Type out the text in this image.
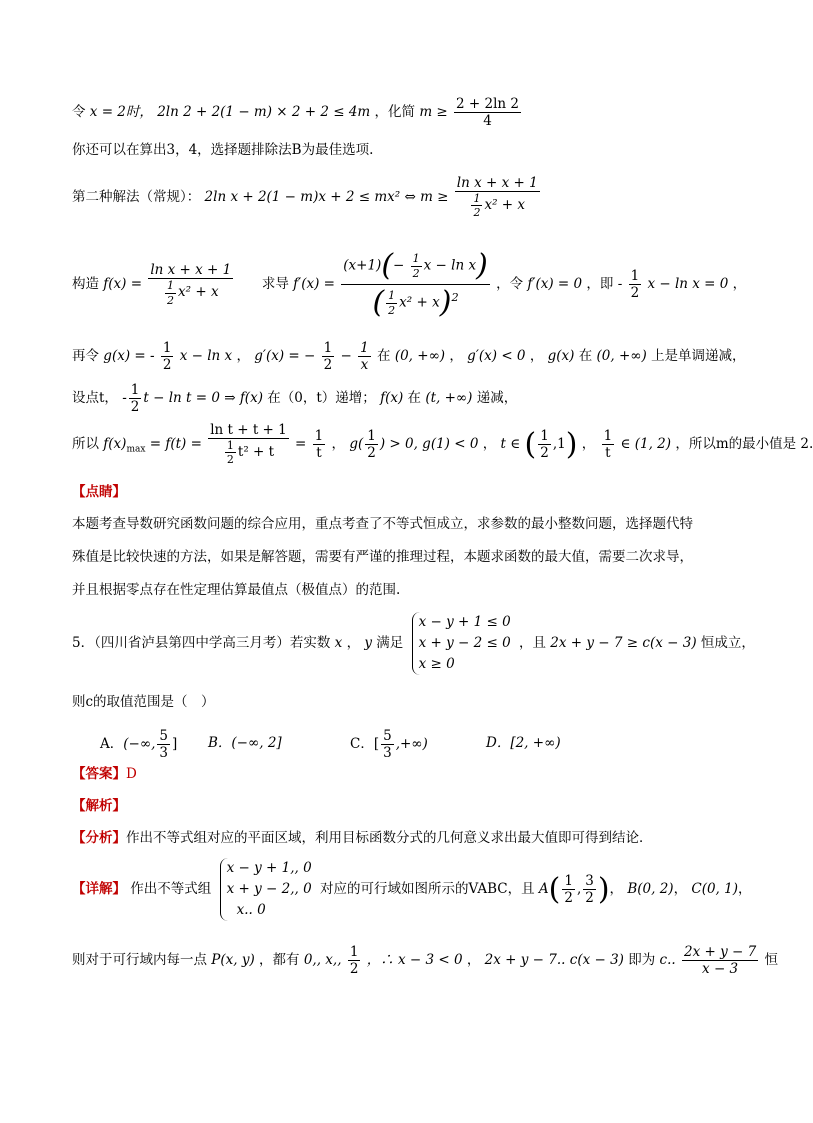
令 x = 2时， 2ln 2 + 2(1 − m) × 2 + 2 ≤ 4m ，化简 $m \ge \frac{2 + 2\ln 2}{4}$
你还可以在算出3，4，选择题排除法B为最佳选项.
第二种解法（常规）： 2ln x + 2(1 − m)x + 2 ≤ mx² ⇔ $m \ge \frac{\text{ln x + x + 1}}{\frac{1}{2} x^2 + x}$
构造 $f(x) = \frac{\text{ln x + x + 1}}{\frac{1}{2} x^2 + x}$ 求导 $f'(x) = \frac{(x+1)(- \frac{1}{2} x - \ln x)}{( \frac{1}{2} x^2 + x)^2}$ ，令 f′(x) = 0 ，即 - $\frac{1}{2}$ x − ln x = 0 ，
再令 g(x) = - $\frac{1}{2}$ x − ln x ， g′(x) = − $\frac{1}{2} - \frac{1}{x}$ 在 (0, +∞) ， g′(x) < 0 ， g(x) 在 (0, +∞) 上是单调递减，
设点t， - $\frac{1}{2}$ t − ln t = 0 ⇒ f(x) 在（0，t）递增； f(x) 在 (t, +∞) 递减，
所以 $f(x)_{max} = f(t) = \frac{\text{ln t + t + 1}}{\frac{1}{2} t^2 + t} = \frac{1}{t}$ ， $g( \frac{1}{2}$ ) > 0, g(1) < 0 ， t ∈ ( $\frac{1}{2} ,1$) ， $\frac{1}{t}$ ∈ (1, 2) ，所以m的最小值是 2.
【点睛】
本题考查导数研究函数问题的综合应用，重点考查了不等式恒成立，求参数的最小整数问题，选择题代特
殊值是比较快速的方法，如果是解答题，需要有严谨的推理过程，本题求函数的最大值，需要二次求导，
并且根据零点存在性定理估算最值点（极值点）的范围.
5．（四川省泸县第四中学高三月考）若实数 x ， y 满足
x − y + 1 ≤ 0
x + y − 2 ≤ 0
x ≥ 0
，且 2x + y − 7 ≥ c(x − 3) 恒成立，
则c的取值范围是（　）
A．(−∞, $\frac{5}{3}$ ] B．(−∞, 2]	C．[ $\frac{5}{3}$ ,+∞)	D．[2, +∞)
【答案】D
【解析】
【分析】作出不等式组对应的平面区域，利用目标函数分式的几何意义求出最大值即可得到结论．
【详解】 作出不等式组
x − y + 1,, 0
x + y − 2,, 0
x.. 0
对应的可行域如图所示的VABC，且 $A( \frac{1}{2}$ , $\frac{3}{2}$ )， B(0, 2)， C(0, 1)，
则对于可行域内每一点 P(x, y) ，都有 0,, x,, $\frac{1}{2}$ ，∴ x − 3 < 0 ， 2x + y − 7.. c(x − 3) 即为 c.. $\frac{2x + y - 7}{x - 3}$ 恒
